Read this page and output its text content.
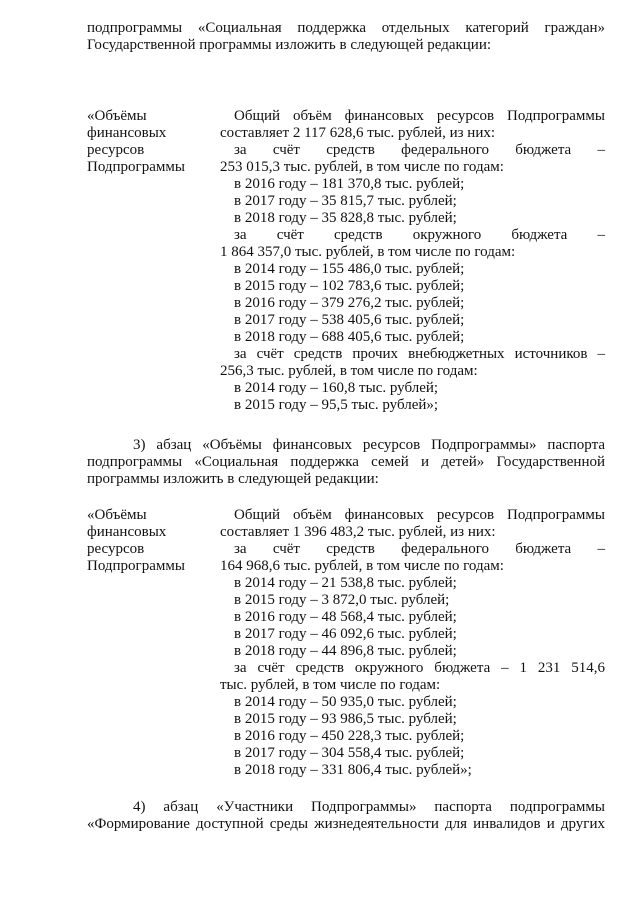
подпрограммы «Социальная поддержка отдельных категорий граждан»

Государственной программы изложить в следующей редакции:

«Объёмы
финансовых
ресурсов
Подпрограммы
Общий объём финансовых ресурсов Подпрограммы
составляет 2 117 628,6 тыс. рублей, из них:
за счёт средств федерального бюджета –
253 015,3 тыс. рублей, в том числе по годам:
в 2016 году – 181 370,8 тыс. рублей;
в 2017 году – 35 815,7 тыс. рублей;
в 2018 году – 35 828,8 тыс. рублей;
за счёт средств окружного бюджета –
1 864 357,0 тыс. рублей, в том числе по годам:
в 2014 году – 155 486,0 тыс. рублей;
в 2015 году – 102 783,6 тыс. рублей;
в 2016 году – 379 276,2 тыс. рублей;
в 2017 году – 538 405,6 тыс. рублей;
в 2018 году – 688 405,6 тыс. рублей;
за счёт средств прочих внебюджетных источников –
256,3 тыс. рублей, в том числе по годам:
в 2014 году – 160,8 тыс. рублей;
в 2015 году – 95,5 тыс. рублей»;

3) абзац «Объёмы финансовых ресурсов Подпрограммы» паспорта

подпрограммы «Социальная поддержка семей и детей» Государственной

программы изложить в следующей редакции:

«Объёмы
финансовых
ресурсов
Подпрограммы
Общий объём финансовых ресурсов Подпрограммы
составляет 1 396 483,2 тыс. рублей, из них:
за счёт средств федерального бюджета –
164 968,6 тыс. рублей, в том числе по годам:
в 2014 году – 21 538,8 тыс. рублей;
в 2015 году – 3 872,0 тыс. рублей;
в 2016 году – 48 568,4 тыс. рублей;
в 2017 году – 46 092,6 тыс. рублей;
в 2018 году – 44 896,8 тыс. рублей;
за счёт средств окружного бюджета – 1 231 514,6
тыс. рублей, в том числе по годам:
в 2014 году – 50 935,0 тыс. рублей;
в 2015 году – 93 986,5 тыс. рублей;
в 2016 году – 450 228,3 тыс. рублей;
в 2017 году – 304 558,4 тыс. рублей;
в 2018 году – 331 806,4 тыс. рублей»;

4) абзац «Участники Подпрограммы» паспорта подпрограммы

«Формирование доступной среды жизнедеятельности для инвалидов и других
